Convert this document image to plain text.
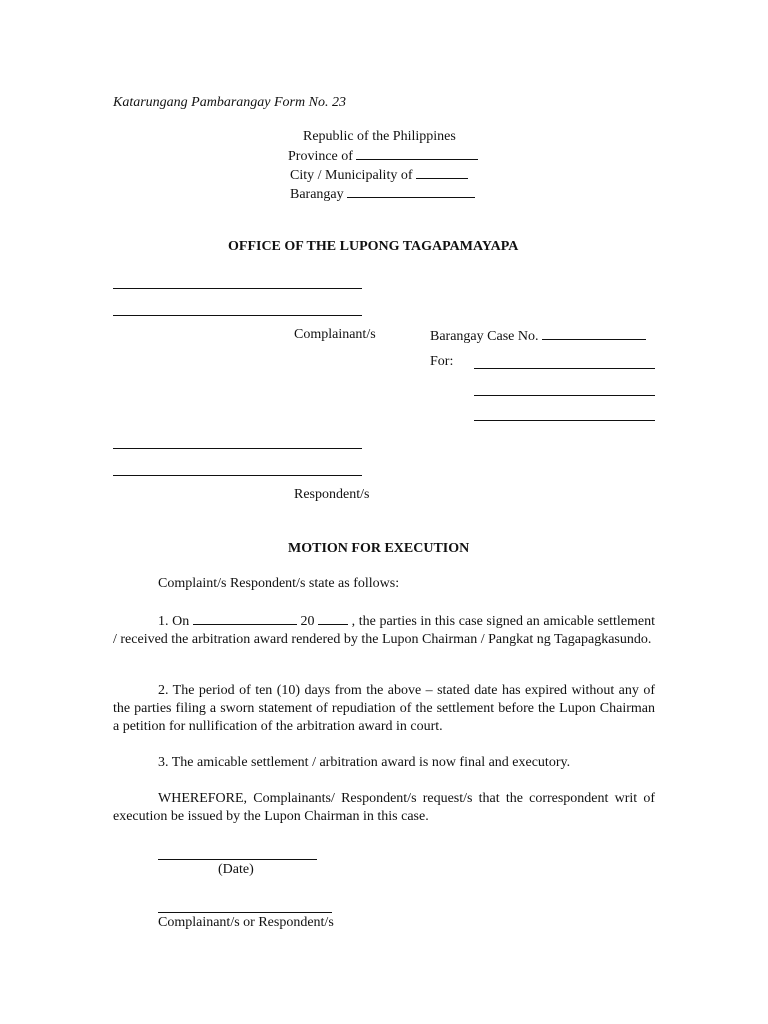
Katarungang Pambarangay Form No. 23
Republic of the Philippines
Province of
City / Municipality of
Barangay
OFFICE OF THE LUPONG TAGAPAMAYAPA
Complainant/s	Barangay Case No.
For:
Respondent/s
MOTION FOR EXECUTION
Complaint/s Respondent/s state as follows:
1. On	20	, the parties in this case signed an amicable settlement / received the arbitration award rendered by the Lupon Chairman / Pangkat ng Tagapagkasundo.
2. The period of ten (10) days from the above – stated date has expired without any of the parties filing a sworn statement of repudiation of the settlement before the Lupon Chairman a petition for nullification of the arbitration award in court.
3. The amicable settlement / arbitration award is now final and executory.
WHEREFORE, Complainants/ Respondent/s request/s that the correspondent writ of execution be issued by the Lupon Chairman in this case.
(Date)
Complainant/s or Respondent/s
